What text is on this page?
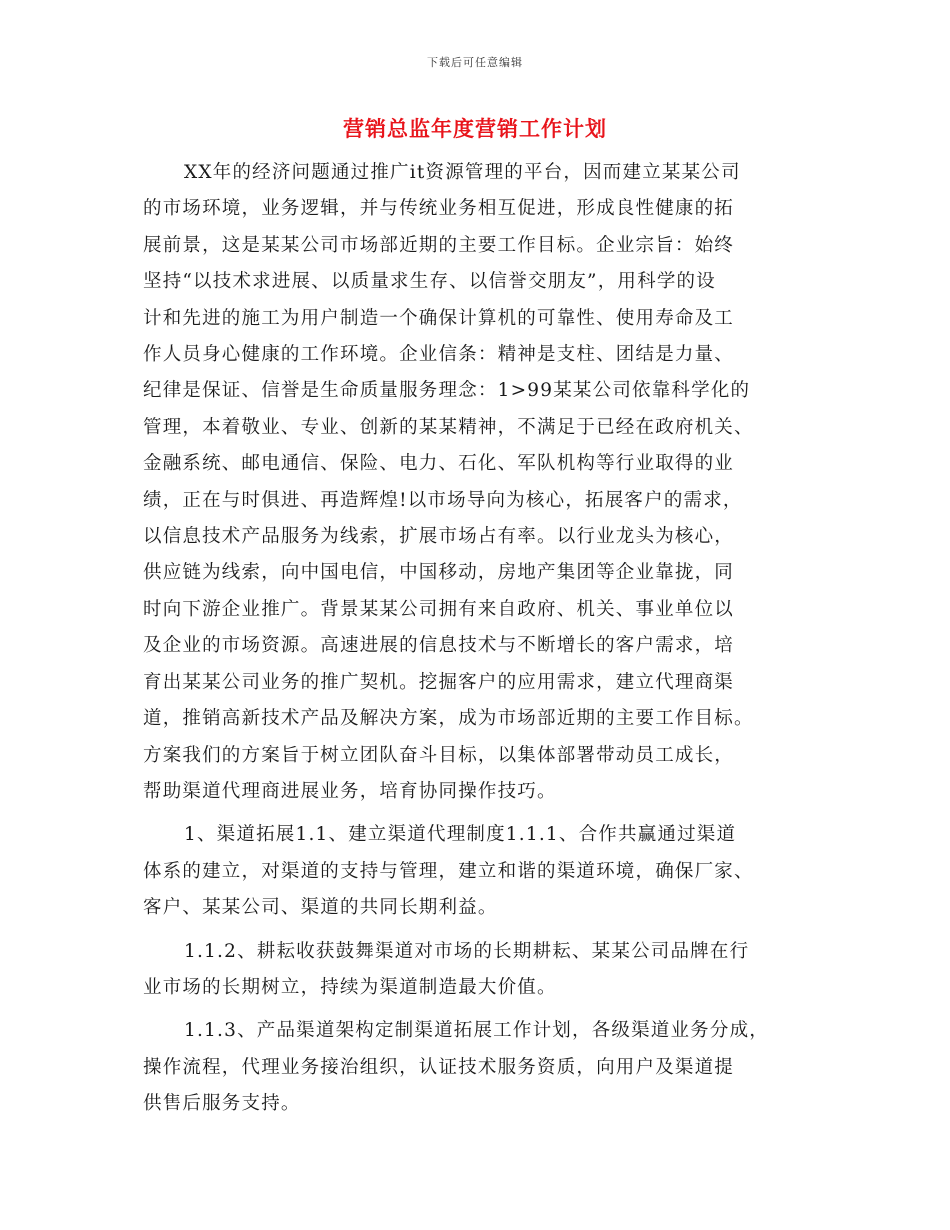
下载后可任意编辑
营销总监年度营销工作计划

XX年的经济问题通过推广it资源管理的平台，因而建立某某公司
的市场环境，业务逻辑，并与传统业务相互促进，形成良性健康的拓
展前景，这是某某公司市场部近期的主要工作目标。企业宗旨：始终
坚持“以技术求进展、以质量求生存、以信誉交朋友”，用科学的设
计和先进的施工为用户制造一个确保计算机的可靠性、使用寿命及工
作人员身心健康的工作环境。企业信条：精神是支柱、团结是力量、
纪律是保证、信誉是生命质量服务理念：1>99某某公司依靠科学化的
管理，本着敬业、专业、创新的某某精神，不满足于已经在政府机关、
金融系统、邮电通信、保险、电力、石化、军队机构等行业取得的业
绩，正在与时俱进、再造辉煌!以市场导向为核心，拓展客户的需求，
以信息技术产品服务为线索，扩展市场占有率。以行业龙头为核心，
供应链为线索，向中国电信，中国移动，房地产集团等企业靠拢，同
时向下游企业推广。背景某某公司拥有来自政府、机关、事业单位以
及企业的市场资源。高速进展的信息技术与不断增长的客户需求，培
育出某某公司业务的推广契机。挖掘客户的应用需求，建立代理商渠
道，推销高新技术产品及解决方案，成为市场部近期的主要工作目标。
方案我们的方案旨于树立团队奋斗目标，以集体部署带动员工成长，
帮助渠道代理商进展业务，培育协同操作技巧。

1、渠道拓展1.1、建立渠道代理制度1.1.1、合作共赢通过渠道
体系的建立，对渠道的支持与管理，建立和谐的渠道环境，确保厂家、
客户、某某公司、渠道的共同长期利益。

1.1.2、耕耘收获鼓舞渠道对市场的长期耕耘、某某公司品牌在行
业市场的长期树立，持续为渠道制造最大价值。

1.1.3、产品渠道架构定制渠道拓展工作计划，各级渠道业务分成，
操作流程，代理业务接治组织，认证技术服务资质，向用户及渠道提
供售后服务支持。
